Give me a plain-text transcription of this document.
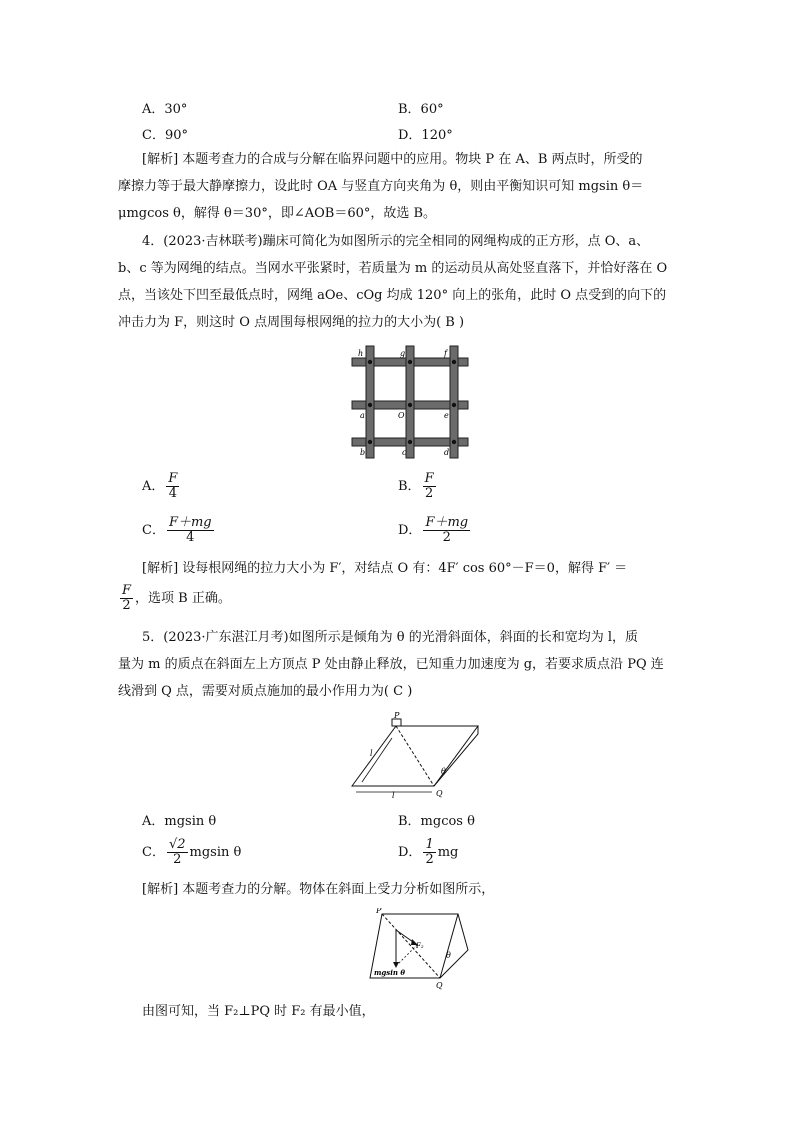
A．30°	B．60°
C．90°	D．120°
[解析] 本题考查力的合成与分解在临界问题中的应用。物块 P 在 A、B 两点时，所受的
摩擦力等于最大静摩擦力，设此时 OA 与竖直方向夹角为 θ，则由平衡知识可知 mgsin θ＝
μmgcos θ，解得 θ＝30°，即∠AOB＝60°，故选 B。
4．(2023·吉林联考)蹦床可简化为如图所示的完全相同的网绳构成的正方形，点 O、a、
b、c 等为网绳的结点。当网水平张紧时，若质量为 m 的运动员从高处竖直落下，并恰好落在 O
点，当该处下凹至最低点时，网绳 aOe、cOg 均成 120° 向上的张角，此时 O 点受到的向下的
冲击力为 F，则这时 O 点周围每根网绳的拉力的大小为( B )
h	g	f
a	O	e
b	c	d
A． $\frac{F}{4}$	B． $\frac{F}{2}$
C． $\frac{F+mg}{4}$	D． $\frac{F+mg}{2}$
[解析] 设每根网绳的拉力大小为 F′，对结点 O 有：4F′ cos 60°－F＝0，解得 F′ ＝
$\frac{F}{2}$ ，选项 B 正确。
5．(2023·广东湛江月考)如图所示是倾角为 θ 的光滑斜面体，斜面的长和宽均为 l，质
量为 m 的质点在斜面左上方顶点 P 处由静止释放，已知重力加速度为 g，若要求质点沿 PQ 连
线滑到 Q 点，需要对质点施加的最小作用力为( C )
P
l
l
θ
Q
A．mgsin θ	B．mgcos θ
C． $\frac{√2}{2}$ mgsin θ	D． $\frac{1}{2}$ mg
[解析] 本题考查力的分解。物体在斜面上受力分析如图所示，
P
F₂
mgsin θ
θ
Q
由图可知，当 F₂⊥PQ 时 F₂ 有最小值，
